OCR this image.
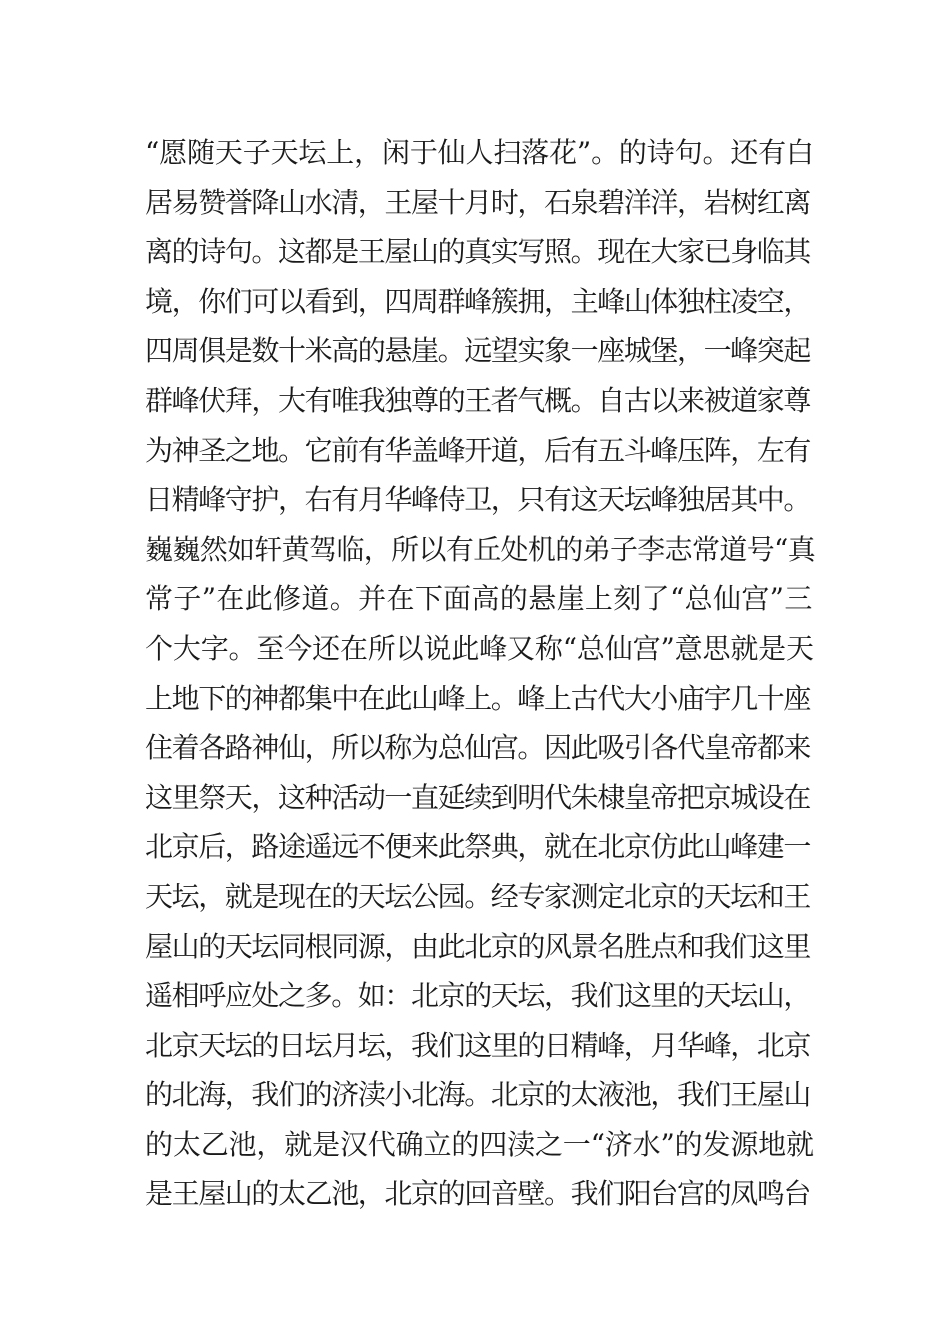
“愿随天子天坛上，闲于仙人扫落花”。的诗句。还有白
居易赞誉降山水清，王屋十月时，石泉碧洋洋，岩树红离
离的诗句。这都是王屋山的真实写照。现在大家已身临其
境，你们可以看到，四周群峰簇拥，主峰山体独柱凌空，
四周俱是数十米高的悬崖。远望实象一座城堡，一峰突起
群峰伏拜，大有唯我独尊的王者气概。自古以来被道家尊
为神圣之地。它前有华盖峰开道，后有五斗峰压阵，左有
日精峰守护，右有月华峰侍卫，只有这天坛峰独居其中。
巍巍然如轩黄驾临，所以有丘处机的弟子李志常道号“真
常子”在此修道。并在下面高的悬崖上刻了“总仙宫”三
个大字。至今还在所以说此峰又称“总仙宫”意思就是天
上地下的神都集中在此山峰上。峰上古代大小庙宇几十座
住着各路神仙，所以称为总仙宫。因此吸引各代皇帝都来
这里祭天，这种活动一直延续到明代朱棣皇帝把京城设在
北京后，路途遥远不便来此祭典，就在北京仿此山峰建一
天坛，就是现在的天坛公园。经专家测定北京的天坛和王
屋山的天坛同根同源，由此北京的风景名胜点和我们这里
遥相呼应处之多。如：北京的天坛，我们这里的天坛山，
北京天坛的日坛月坛，我们这里的日精峰，月华峰，北京
的北海，我们的济渎小北海。北京的太液池，我们王屋山
的太乙池，就是汉代确立的四渎之一“济水”的发源地就
是王屋山的太乙池，北京的回音壁。我们阳台宫的凤鸣台
